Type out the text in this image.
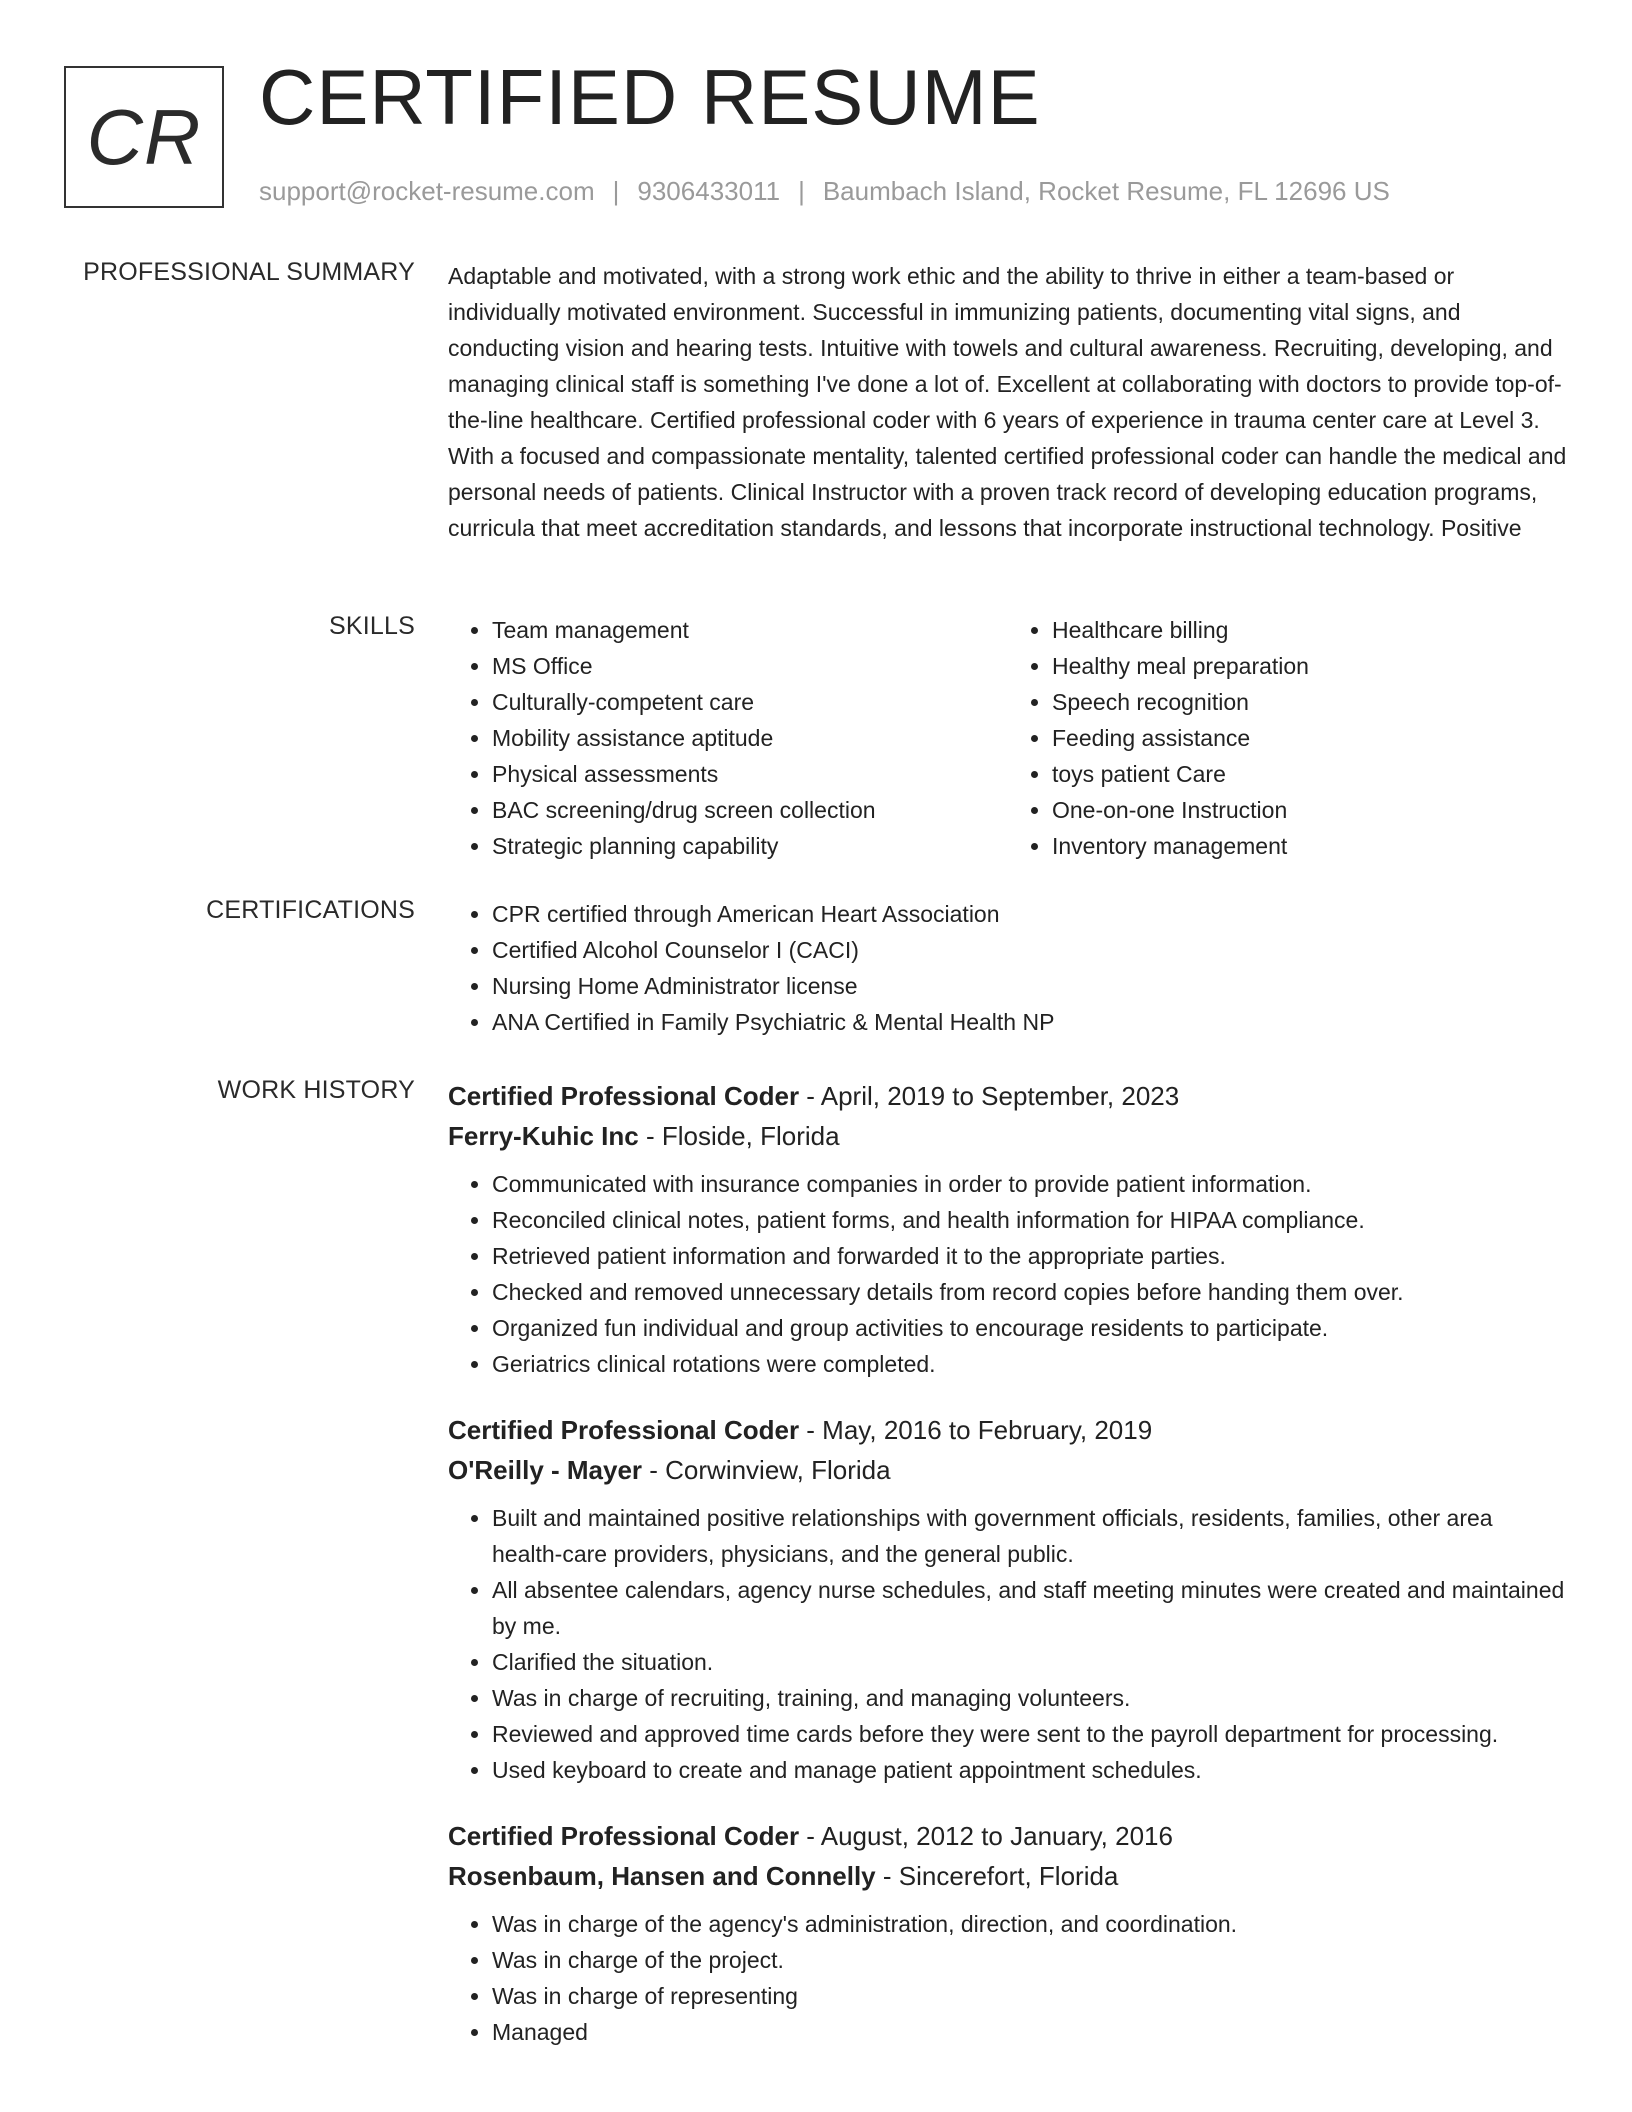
CR CERTIFIED RESUME
support@rocket-resume.com | 9306433011 | Baumbach Island, Rocket Resume, FL 12696 US
PROFESSIONAL SUMMARY Adaptable and motivated, with a strong work ethic and the ability to thrive in either a team-based or individually motivated environment. Successful in immunizing patients, documenting vital signs, and conducting vision and hearing tests. Intuitive with towels and cultural awareness. Recruiting, developing, and managing clinical staff is something I've done a lot of. Excellent at collaborating with doctors to provide top-of-the-line healthcare. Certified professional coder with 6 years of experience in trauma center care at Level 3. With a focused and compassionate mentality, talented certified professional coder can handle the medical and personal needs of patients. Clinical Instructor with a proven track record of developing education programs, curricula that meet accreditation standards, and lessons that incorporate instructional technology. Positive
SKILLS	• Team management
• MS Office
• Culturally-competent care
• Mobility assistance aptitude
• Physical assessments
• BAC screening/drug screen collection
• Strategic planning capability
• Healthcare billing
• Healthy meal preparation
• Speech recognition
• Feeding assistance
• toys patient Care
• One-on-one Instruction
• Inventory management
CERTIFICATIONS	• CPR certified through American Heart Association
• Certified Alcohol Counselor I (CACI)
• Nursing Home Administrator license
• ANA Certified in Family Psychiatric & Mental Health NP
WORK HISTORY Certified Professional Coder - April, 2019 to September, 2023
Ferry-Kuhic Inc - Floside, Florida
• Communicated with insurance companies in order to provide patient information.
• Reconciled clinical notes, patient forms, and health information for HIPAA compliance.
• Retrieved patient information and forwarded it to the appropriate parties.
• Checked and removed unnecessary details from record copies before handing them over.
• Organized fun individual and group activities to encourage residents to participate.
• Geriatrics clinical rotations were completed.
Certified Professional Coder - May, 2016 to February, 2019
O'Reilly - Mayer - Corwinview, Florida
• Built and maintained positive relationships with government officials, residents, families, other area health-care providers, physicians, and the general public.
• All absentee calendars, agency nurse schedules, and staff meeting minutes were created and maintained by me.
• Clarified the situation.
• Was in charge of recruiting, training, and managing volunteers.
• Reviewed and approved time cards before they were sent to the payroll department for processing.
• Used keyboard to create and manage patient appointment schedules.
Certified Professional Coder - August, 2012 to January, 2016
Rosenbaum, Hansen and Connelly - Sincerefort, Florida
• Was in charge of the agency's administration, direction, and coordination.
• Was in charge of the project.
• Was in charge of representing
• Managed
